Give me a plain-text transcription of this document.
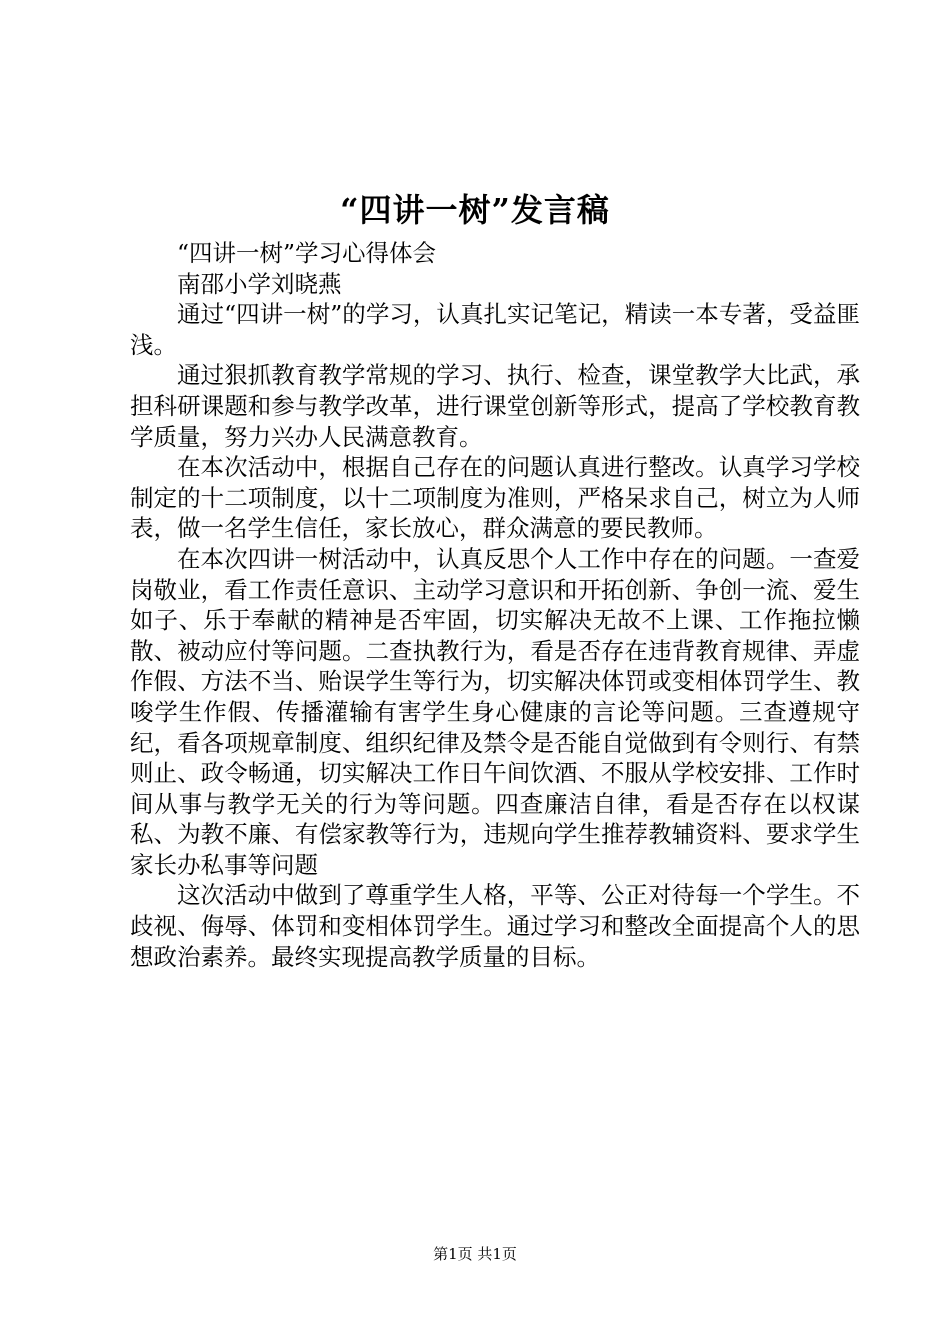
“四讲一树”发言稿

“四讲一树”学习心得体会

南邵小学刘晓燕

通过“四讲一树”的学习，认真扎实记笔记，精读一本专著，受益匪浅。

通过狠抓教育教学常规的学习、执行、检查，课堂教学大比武，承担科研课题和参与教学改革，进行课堂创新等形式，提高了学校教育教学质量，努力兴办人民满意教育。

在本次活动中，根据自己存在的问题认真进行整改。认真学习学校制定的十二项制度，以十二项制度为准则，严格呆求自己，树立为人师表，做一名学生信任，家长放心，群众满意的要民教师。

在本次四讲一树活动中，认真反思个人工作中存在的问题。一查爱岗敬业，看工作责任意识、主动学习意识和开拓创新、争创一流、爱生如子、乐于奉献的精神是否牢固，切实解决无故不上课、工作拖拉懒散、被动应付等问题。二查执教行为，看是否存在违背教育规律、弄虚作假、方法不当、贻误学生等行为，切实解决体罚或变相体罚学生、教唆学生作假、传播灌输有害学生身心健康的言论等问题。三查遵规守纪，看各项规章制度、组织纪律及禁令是否能自觉做到有令则行、有禁则止、政令畅通，切实解决工作日午间饮酒、不服从学校安排、工作时间从事与教学无关的行为等问题。四查廉洁自律，看是否存在以权谋私、为教不廉、有偿家教等行为，违规向学生推荐教辅资料、要求学生家长办私事等问题

这次活动中做到了尊重学生人格，平等、公正对待每一个学生。不歧视、侮辱、体罚和变相体罚学生。通过学习和整改全面提高个人的思想政治素养。最终实现提高教学质量的目标。

第1页 共1页
